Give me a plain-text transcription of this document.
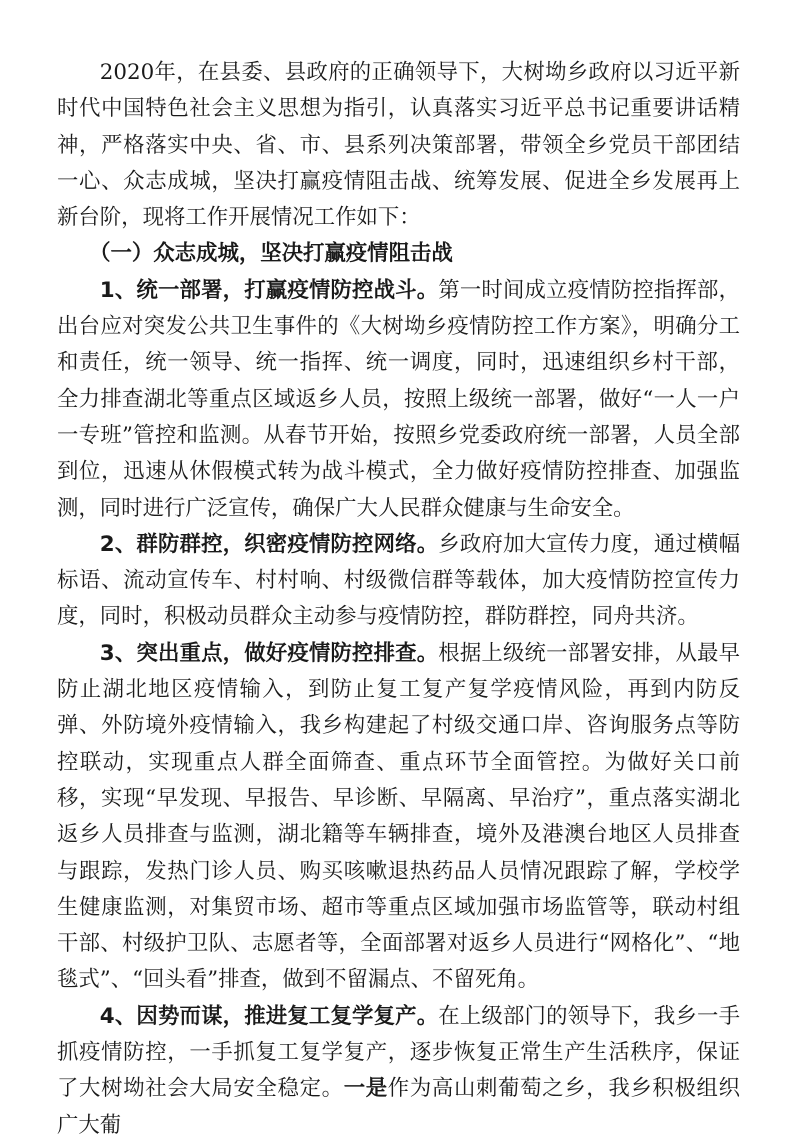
2020年，在县委、县政府的正确领导下，大树坳乡政府以习近平新时代中国特色社会主义思想为指引，认真落实习近平总书记重要讲话精神，严格落实中央、省、市、县系列决策部署，带领全乡党员干部团结一心、众志成城，坚决打赢疫情阻击战、统筹发展、促进全乡发展再上新台阶，现将工作开展情况工作如下：

（一）众志成城，坚决打赢疫情阻击战

1、统一部署，打赢疫情防控战斗。第一时间成立疫情防控指挥部，出台应对突发公共卫生事件的《大树坳乡疫情防控工作方案》，明确分工和责任，统一领导、统一指挥、统一调度，同时，迅速组织乡村干部，全力排查湖北等重点区域返乡人员，按照上级统一部署，做好“一人一户一专班”管控和监测。从春节开始，按照乡党委政府统一部署，人员全部到位，迅速从休假模式转为战斗模式，全力做好疫情防控排查、加强监测，同时进行广泛宣传，确保广大人民群众健康与生命安全。

2、群防群控，织密疫情防控网络。乡政府加大宣传力度，通过横幅标语、流动宣传车、村村响、村级微信群等载体，加大疫情防控宣传力度，同时，积极动员群众主动参与疫情防控，群防群控，同舟共济。

3、突出重点，做好疫情防控排查。根据上级统一部署安排，从最早防止湖北地区疫情输入，到防止复工复产复学疫情风险，再到内防反弹、外防境外疫情输入，我乡构建起了村级交通口岸、咨询服务点等防控联动，实现重点人群全面筛查、重点环节全面管控。为做好关口前移，实现“早发现、早报告、早诊断、早隔离、早治疗”，重点落实湖北返乡人员排查与监测，湖北籍等车辆排查，境外及港澳台地区人员排查与跟踪，发热门诊人员、购买咳嗽退热药品人员情况跟踪了解，学校学生健康监测，对集贸市场、超市等重点区域加强市场监管等，联动村组干部、村级护卫队、志愿者等，全面部署对返乡人员进行“网格化”、“地毯式”、“回头看”排查，做到不留漏点、不留死角。

4、因势而谋，推进复工复学复产。在上级部门的领导下，我乡一手抓疫情防控，一手抓复工复学复产，逐步恢复正常生产生活秩序，保证了大树坳社会大局安全稳定。一是作为高山刺葡萄之乡，我乡积极组织广大葡
